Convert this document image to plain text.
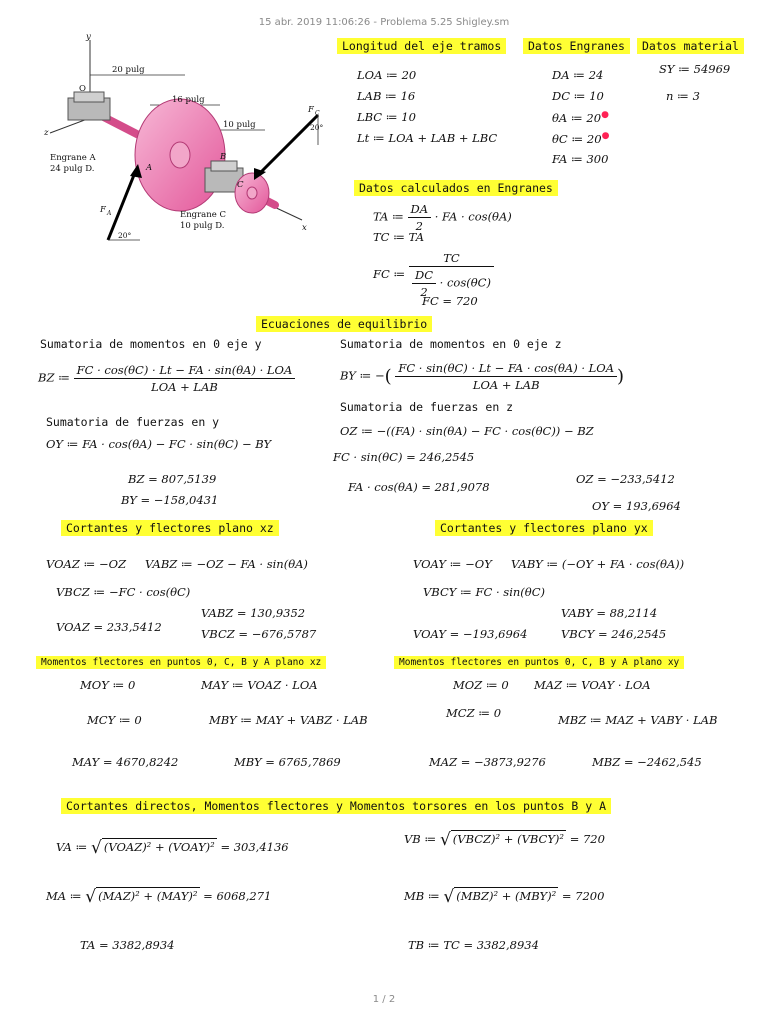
15 abr. 2019 11:06:26 - Problema 5.25 Shigley.sm
y
O
z
A
B
C
x
F C
F A
20 pulg
16 pulg
10 pulg	20°
20°
Engrane A
24 pulg D.
Engrane C
10 pulg D.
Longitud del eje tramos	Datos Engranes	Datos material
LOA ≔ 20
LAB ≔ 16
LBC ≔ 10
Lt ≔ LOA + LAB + LBC
DA ≔ 24
DC ≔ 10
θA ≔ 20●
θC ≔ 20●
FA ≔ 300
SY ≔ 54969
n ≔ 3
Datos calculados en Engranes
TA ≔ $\frac{DA}{2}$ · FA · cos(θA)
TC ≔ TA
FC ≔ $\frac{TC}{\frac{DC}{2} \cdot \cos(\theta C)}$
FC = 720
Ecuaciones de equilibrio
Sumatoria de momentos en 0 eje y	Sumatoria de momentos en 0 eje z
BZ ≔
FC · cos(θC) · Lt − FA · sin(θA) · LOA
LOA + LAB
BY ≔ −( FC · sin(θC) · Lt − FA · cos(θA) · LOA
LOA + LAB	)
Sumatoria de fuerzas en y
Sumatoria de fuerzas en z
OY ≔ FA · cos(θA) − FC · sin(θC) − BY
OZ ≔ −((FA) · sin(θA) − FC · cos(θC)) − BZ
FC · sin(θC) = 246,2545
BZ = 807,5139
FA · cos(θA) = 281,9078
OZ = −233,5412
BY = −158,0431	OY = 193,6964
Cortantes y flectores plano xz	Cortantes y flectores plano yx
VOAZ ≔ −OZ VABZ ≔ −OZ − FA · sin(θA)	VOAY ≔ −OY VABY ≔ (−OY + FA · cos(θA))
VBCZ ≔ −FC · cos(θC)	VBCY ≔ FC · sin(θC)
VABZ = 130,9352	VABY = 88,2114
VOAZ = 233,5412	VBCZ = −676,5787	VOAY = −193,6964	VBCY = 246,2545
Momentos flectores en puntos 0, C, B y A plano xz	Momentos flectores en puntos 0, C, B y A plano xy
MOY ≔ 0	MAY ≔ VOAZ · LOA	MOZ ≔ 0 MAZ ≔ VOAY · LOA
MCY ≔ 0	MBY ≔ MAY + VABZ · LAB	MCZ ≔ 0	MBZ ≔ MAZ + VABY · LAB
MAY = 4670,8242	MBY = 6765,7869	MAZ = −3873,9276	MBZ = −2462,545
Cortantes directos, Momentos flectores y Momentos torsores en los puntos B y A
VA ≔ √ (VOAZ)² + (VOAY)² = 303,4136
VB ≔ √ (VBCZ)² + (VBCY)² = 720
MA ≔ √ (MAZ)² + (MAY)² = 6068,271	MB ≔ √ (MBZ)² + (MBY)² = 7200
TA = 3382,8934	TB ≔ TC = 3382,8934
1 / 2
